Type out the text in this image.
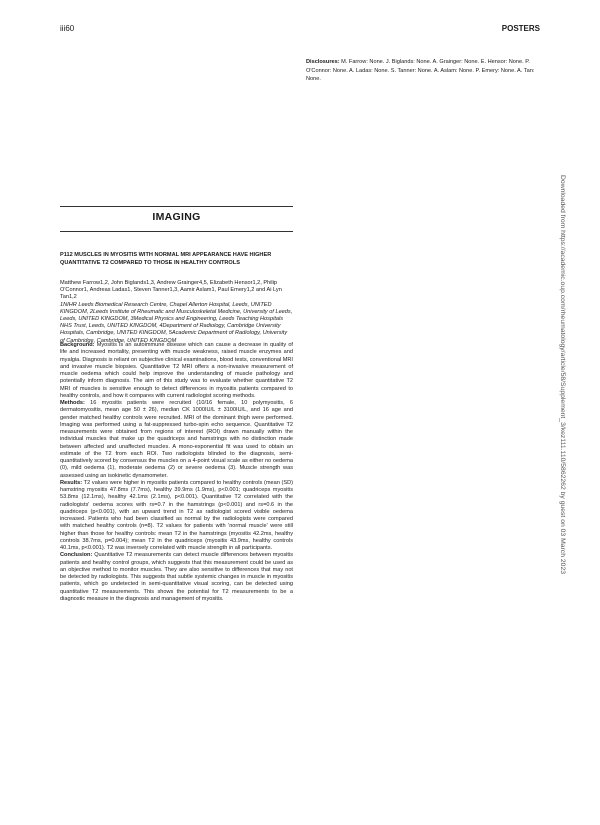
iii60	POSTERS
Disclosures: M. Farrow: None. J. Biglands: None. A. Grainger: None. E. Hensor: None. P. O'Connor: None. A. Ladas: None. S. Tanner: None. A. Aslam: None. P. Emery: None. A. Tan: None.
IMAGING
P112 MUSCLES IN MYOSITIS WITH NORMAL MRI APPEARANCE HAVE HIGHER QUANTITATIVE T2 COMPARED TO THOSE IN HEALTHY CONTROLS
Matthew Farrow1,2, John Biglands1,3, Andrew Grainger4,5, Elizabeth Hensor1,2, Philip O'Connor1, Andreas Ladas1, Steven Tanner1,3, Aamir Aslam1, Paul Emery1,2 and Ai Lyn Tan1,2
1NIHR Leeds Biomedical Research Centre, Chapel Allerton Hospital, Leeds, UNITED KINGDOM, 2Leeds Institute of Rheumatic and Musculoskeletal Medicine, University of Leeds, Leeds, UNITED KINGDOM, 3Medical Physics and Engineering, Leeds Teaching Hospitals NHS Trust, Leeds, UNITED KINGDOM, 4Department of Radiology, Cambridge University Hospitals, Cambridge, UNITED KINGDOM, 5Academic Department of Radiology, University of Cambridge, Cambridge, UNITED KINGDOM

Background: Myositis is an autoimmune disease which can cause a decrease in quality of life and increased mortality, presenting with muscle weakness, raised muscle enzymes and myalgia. Diagnosis is reliant on subjective clinical examinations, blood tests, conventional MRI and invasive muscle biopsies. Quantitative T2 MRI offers a non-invasive measurement of muscle oedema which could help improve the understanding of muscle pathology and potentially inform diagnosis. The aim of this study was to evaluate whether quantitative T2 MRI of muscles is sensitive enough to detect differences in myositis patients compared to healthy controls, and how it compares with current radiologist scoring methods.

Methods: 16 myositis patients were recruited (10/16 female, 10 polymyositis, 6 dermatomyositis, mean age 50 ± 26), median CK 1000IU/L ± 3100IU/L, and 16 age and gender matched healthy controls were recruited. MRI of the dominant thigh were performed. Imaging was performed using a fat-suppressed turbo-spin echo sequence. Quantitative T2 measurements were obtained from regions of interest (ROI) drawn manually within the individual muscles that make up the quadriceps and hamstrings with no distinction made between affected and unaffected muscles. A mono-exponential fit was used to obtain an estimate of the T2 from each ROI. Two radiologists blinded to the diagnosis, semi-quantitatively scored by consensus the muscles on a 4-point visual scale as either no oedema (0), mild oedema (1), moderate oedema (2) or severe oedema (3). Muscle strength was assessed using an isokinetic dynamometer.

Results: T2 values were higher in myositis patients compared to healthy controls (mean (SD) hamstring myositis 47.8ms (7.7ms), healthy 39.9ms (1.9ms), p<0.001; quadriceps myositis 53.8ms (12.1ms), healthy 42.1ms (2.1ms), p<0.001). Quantitative T2 correlated with the radiologists' oedema scores with rs=0.7 in the hamstrings (p<0.001) and rs=0.6 in the quadriceps (p<0.001), with an upward trend in T2 as radiologist scored visible oedema increased. Patients who had been classified as normal by the radiologists were compared with matched healthy controls (n=8). T2 values for patients with 'normal muscle' were still higher than those for healthy controls: mean T2 in the hamstrings (myositis 42.2ms, healthy controls 38.7ms, p=0.004); mean T2 in the quadriceps (myositis 43.9ms, healthy controls 40.1ms, p<0.001). T2 was inversely correlated with muscle strength in all participants.

Conclusion: Quantitative T2 measurements can detect muscle differences between myositis patients and healthy control groups, which suggests that this measurement could be used as an objective method to monitor muscles. They are also sensitive to differences that may not be detected by radiologists. This suggests that subtle systemic changes in muscle in myositis patients, which go undetected in semi-quantitative visual scoring, can be detected using quantitative T2 measurements. This shows the potential for T2 measurements to be a diagnostic measure in the diagnosis and management of myositis.

Downloaded from https://academic.oup.com/rheumatology/article/58/Supplement_3/kez111.110/5862262 by guest on 03 March 2023
